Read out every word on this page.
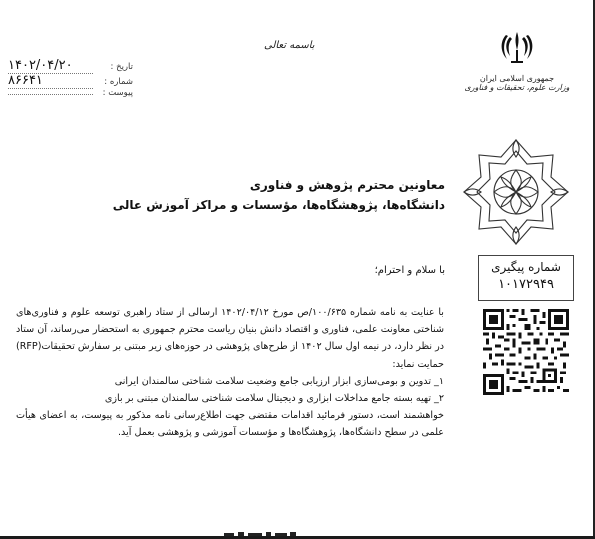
باسمه تعالی
تاریخ :
۱۴۰۲/۰۴/۲۰
شماره :
۸۶۶۴۱
پیوست :
جمهوری اسلامی ایران
وزارت علوم، تحقیقات و فناوری
شماره پیگیری
۱۰۱۷۲۹۴۹
معاونین محترم پژوهش و فناوری
دانشگاه‌ها، پژوهشگاه‌ها، مؤسسات و مراکز آموزش عالی
با سلام و احترام؛

با عنایت به نامه شماره ۱۰۰/۶۳۵/ص مورخ ۱۴۰۲/۰۴/۱۲ ارسالی از ستاد راهبری توسعه علوم و فناوری‌های شناختی معاونت علمی، فناوری و اقتصاد دانش بنیان ریاست محترم جمهوری به استحضار می‌رساند، آن ستاد در نظر دارد، در نیمه اول سال ۱۴۰۲ از طرح‌های پژوهشی در حوزه‌های زیر مبتنی بر سفارش تحقیقات(RFP) حمایت نماید:

۱_ تدوین و بومی‌سازی ابزار ارزیابی جامع وضعیت سلامت شناختی سالمندان ایرانی

۲_ تهیه بسته جامع مداخلات ابزاری و دیجیتال سلامت شناختی سالمندان مبتنی بر بازی

خواهشمند است، دستور فرمائید اقدامات مقتضی جهت اطلاع‌رسانی نامه مذکور به پیوست، به اعضای هیأت علمی در سطح دانشگاه‌ها، پژوهشگاه‌ها و مؤسسات آموزشی و پژوهشی بعمل آید.
